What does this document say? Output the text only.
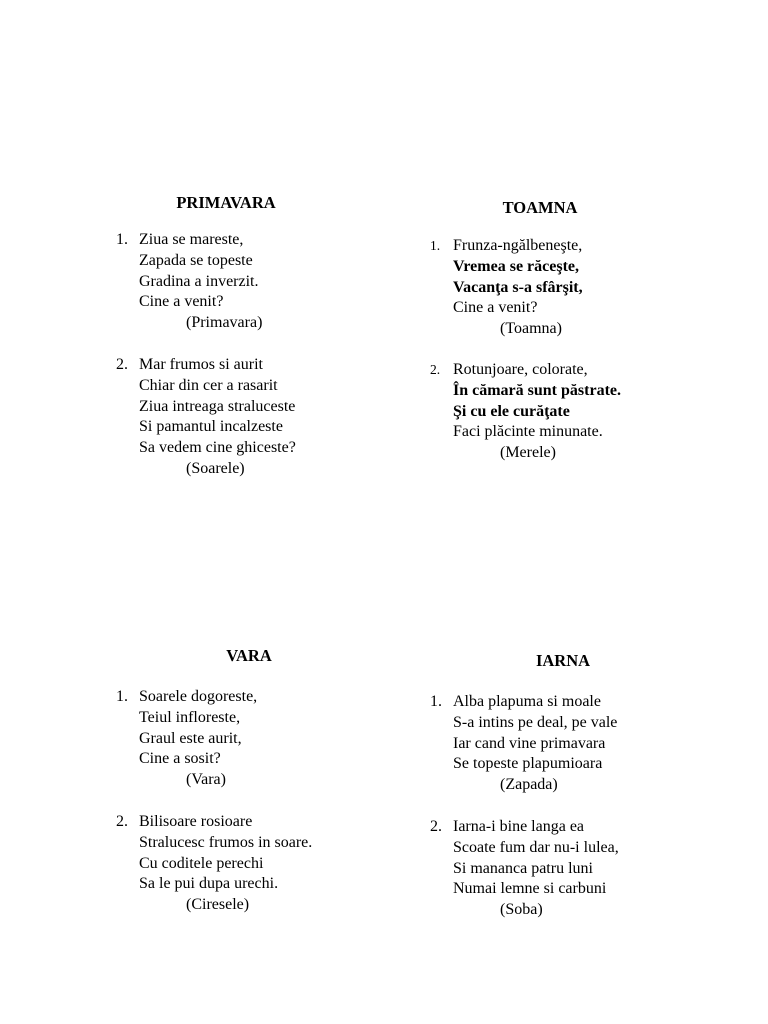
PRIMAVARA
1. Ziua se mareste,
Zapada se topeste
Gradina a inverzit.
Cine a venit?
(Primavara)
2. Mar frumos si aurit
Chiar din cer a rasarit
Ziua intreaga straluceste
Si pamantul incalzeste
Sa vedem cine ghiceste?
(Soarele)
TOAMNA
1. Frunza-ngălbeneşte,
Vremea se răceşte,
Vacanţa s-a sfârşit,
Cine a venit?
(Toamna)
2. Rotunjoare, colorate,
În cămară sunt păstrate.
Şi cu ele curăţate
Faci plăcinte minunate.
(Merele)
VARA
1. Soarele dogoreste,
Teiul infloreste,
Graul este aurit,
Cine a sosit?
(Vara)
2. Bilisoare rosioare
Stralucesc frumos in soare.
Cu coditele perechi
Sa le pui dupa urechi.
(Ciresele)
IARNA
1. Alba plapuma si moale
S-a intins pe deal, pe vale
Iar cand vine primavara
Se topeste plapumioara
(Zapada)
2. Iarna-i bine langa ea
Scoate fum dar nu-i lulea,
Si mananca patru luni
Numai lemne si carbuni
(Soba)
